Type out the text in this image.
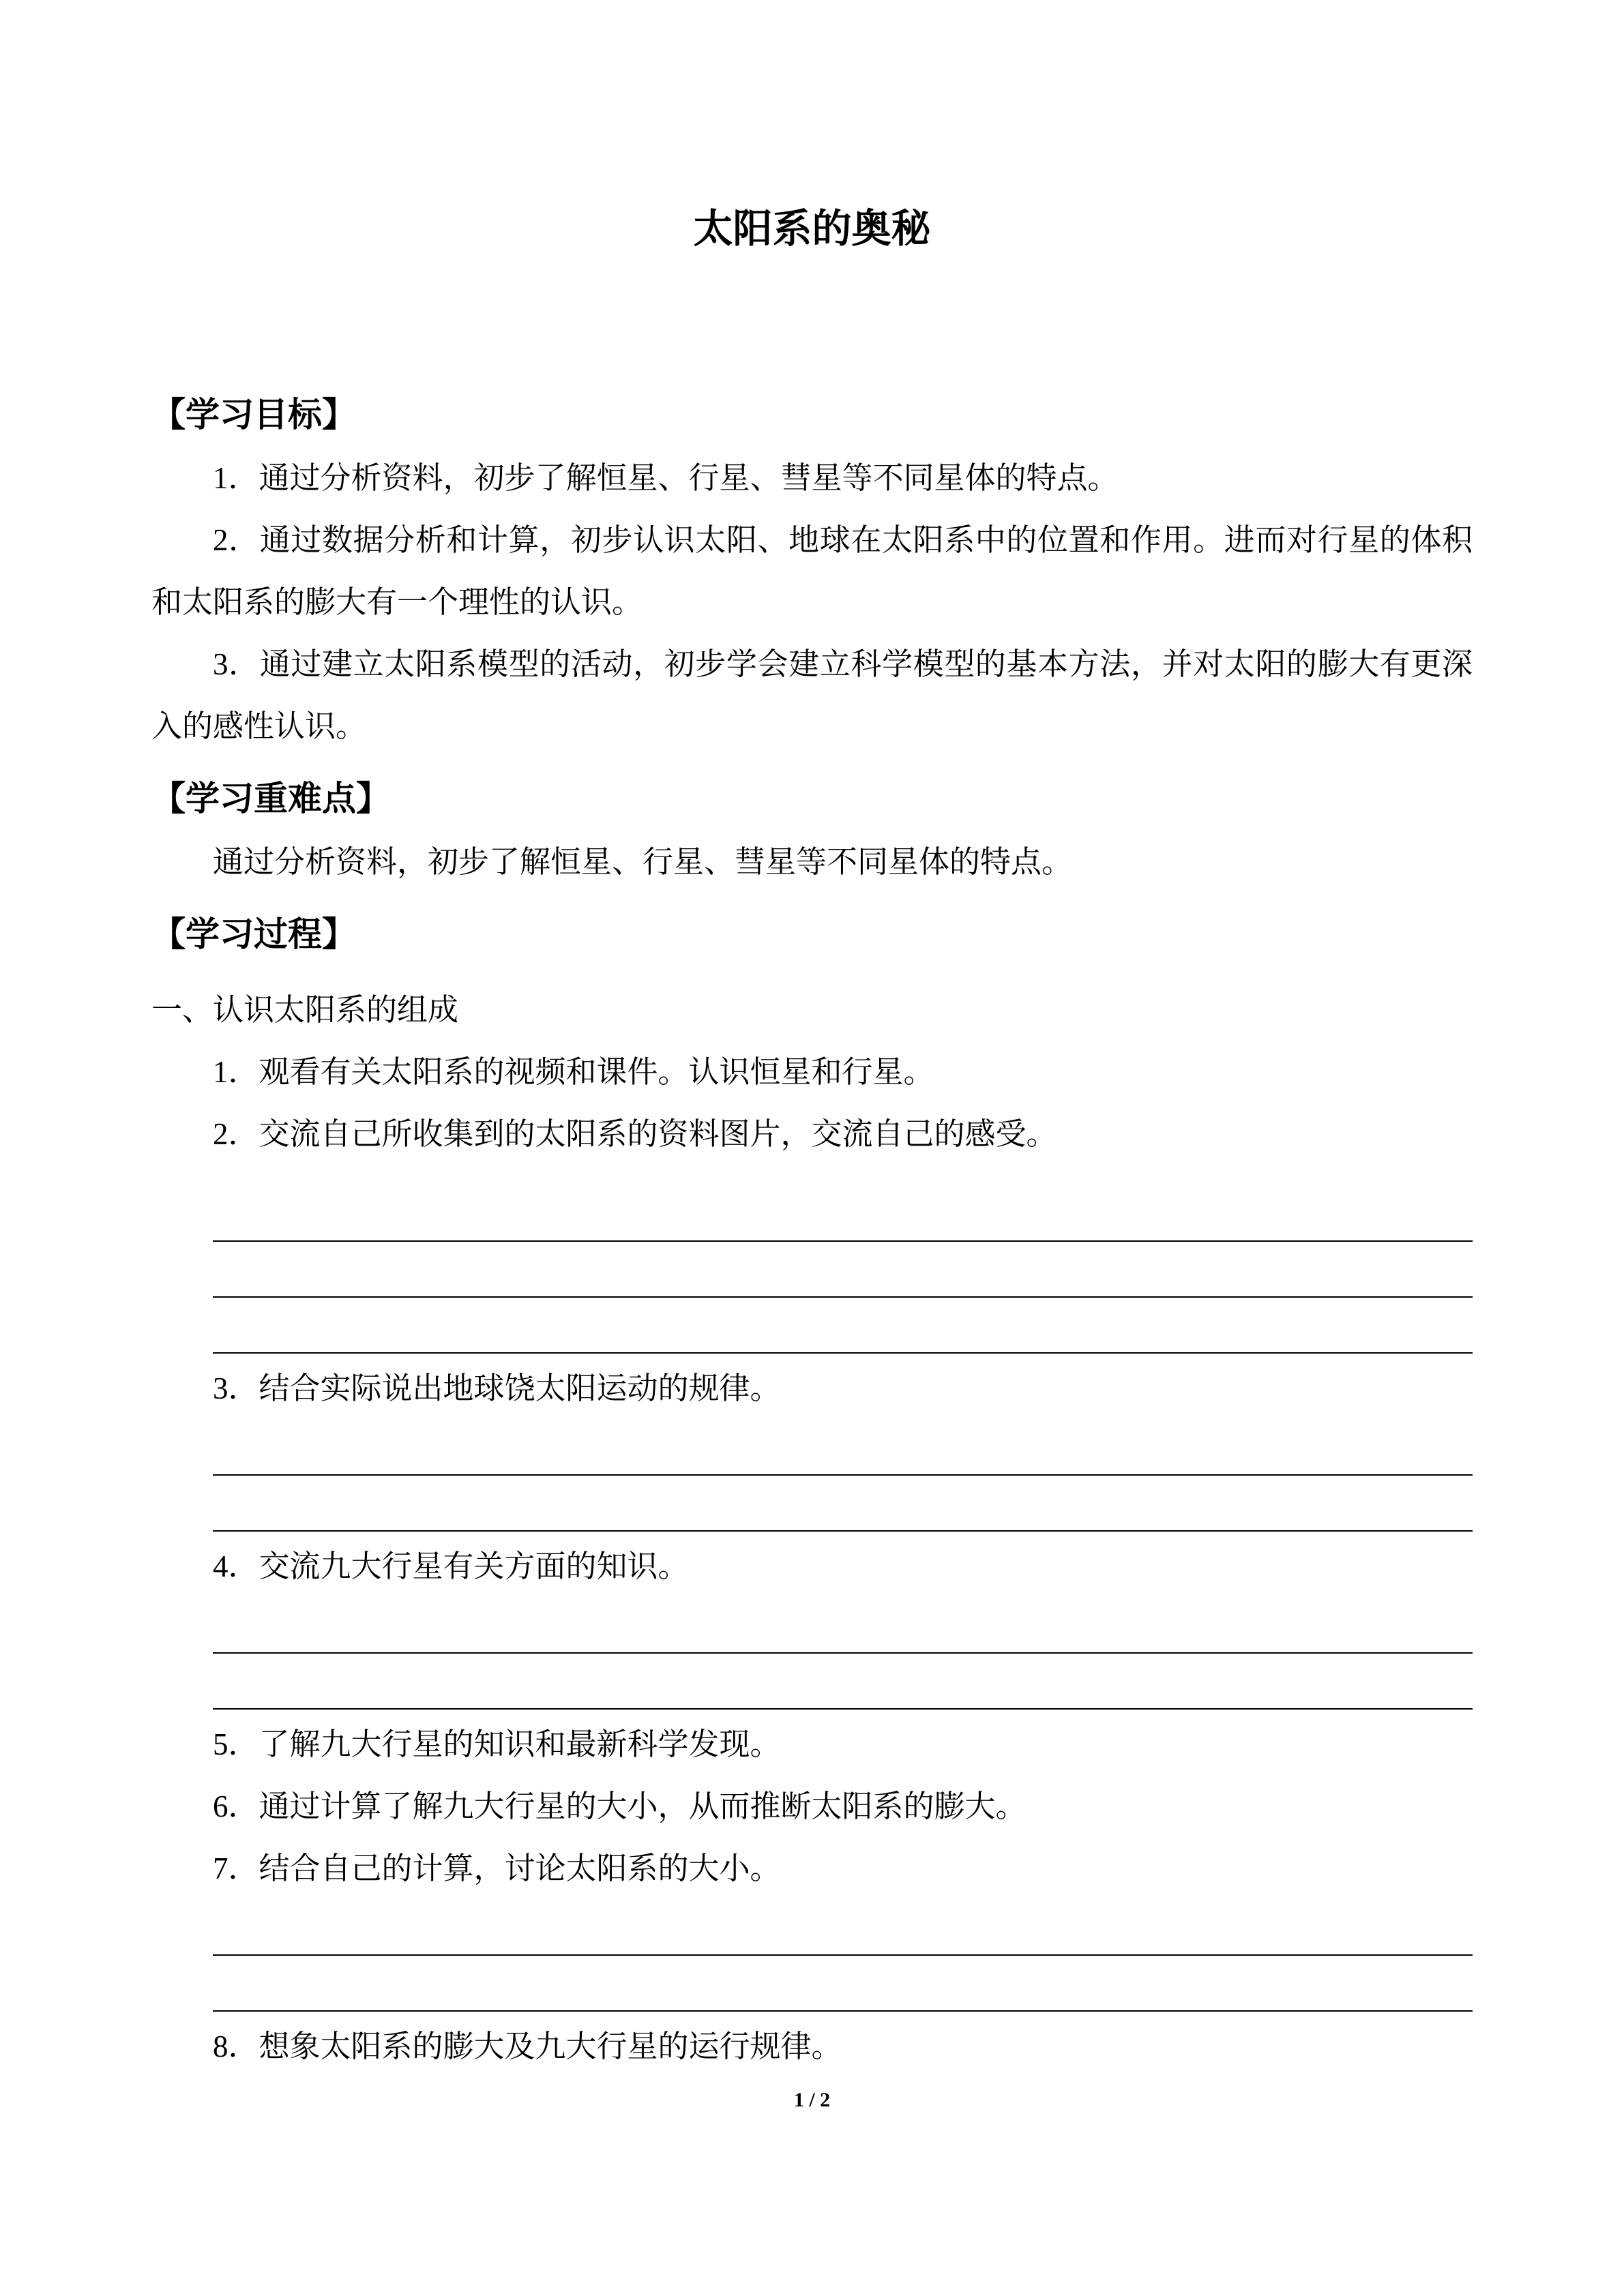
太阳系的奥秘
【学习目标】

1．通过分析资料，初步了解恒星、行星、彗星等不同星体的特点。

2．通过数据分析和计算，初步认识太阳、地球在太阳系中的位置和作用。进而对行星的体积和太阳系的膨大有一个理性的认识。

3．通过建立太阳系模型的活动，初步学会建立科学模型的基本方法，并对太阳的膨大有更深入的感性认识。

【学习重难点】

通过分析资料，初步了解恒星、行星、彗星等不同星体的特点。

【学习过程】

一、认识太阳系的组成

1．观看有关太阳系的视频和课件。认识恒星和行星。

2．交流自己所收集到的太阳系的资料图片，交流自己的感受。

3．结合实际说出地球饶太阳运动的规律。

4．交流九大行星有关方面的知识。

5．了解九大行星的知识和最新科学发现。

6．通过计算了解九大行星的大小，从而推断太阳系的膨大。

7．结合自己的计算，讨论太阳系的大小。

8．想象太阳系的膨大及九大行星的运行规律。

1 / 2
